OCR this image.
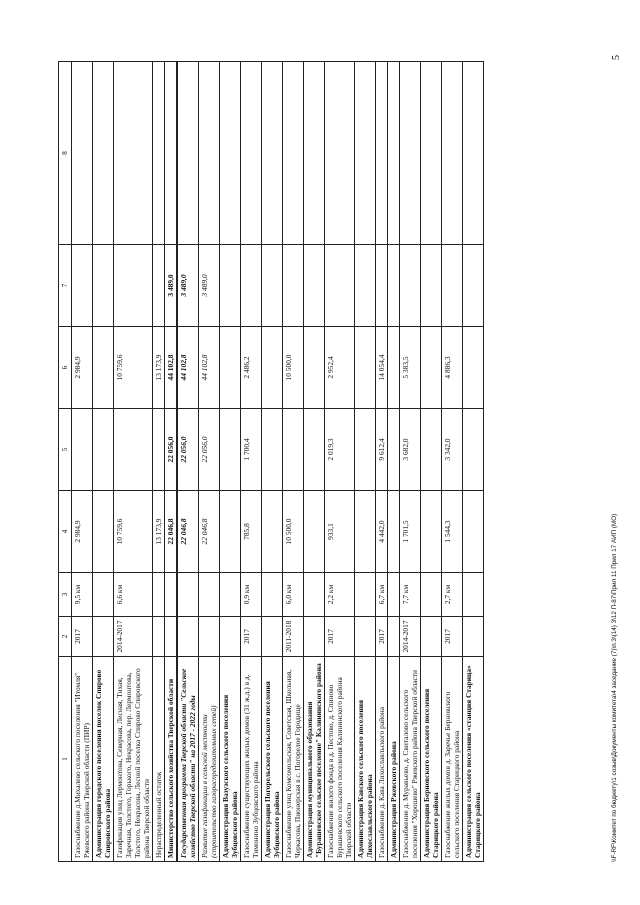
5
1	2	3	4	5	6	7	8
Газоснабжение д.Михалево сельского поселения "Итомля" Ржевского района Тверской области (ПИР)	2017	9,5 км	2 984,9		2 984,9		
Администрация городского поселения поселок Спирово Спировского района							
Газификация улиц Лермонтова, Северная, Лесная, Тихая, Заречная, Толстого, Горького, Некрасова, пер. Лермонтова, Толстого, Некрасова, Лесной поселка Спирово Спировского района Тверской области	2014-2017	6,6 км	10 759,6		10 759,6		
Нераспределенный остаток			13 173,9		13 173,9		
Министерство сельского хозяйства Тверской области			22 046,8	22 056,0	44 102,8	3 489,0	
Государственная программа Тверской области "Сельское хозяйство Тверской области" на 2017 - 2022 годы			22 046,8	22 056,0	44 102,8	3 489,0	
Развитие газификации в сельской местности (строительство газораспределительных сетей)			22 046,8	22 056,0	44 102,8	3 489,0	
Администрация Вазузского сельского поселения Зубцовского района							
Газоснабжение существующих жилых домов (31 ж.д.) в д. Тимонино Зубцовского района	2017	0,9 км	785,8	1 700,4	2 486,2		
Администрация Погорельского сельского поселения Зубцовского района							
Газоснабжение улиц Комсомольская, Советская, Школьная, Черкасова, Пионерская в с. Погорелое Городище	2011-2018	6,0 км	10 500,0		10 500,0		
Администрация муниципального образования "Бурашевское сельское поселение" Калининского района							
Газоснабжение жилого фонда в д. Пестово, д. Спиново Бурашевского сельского поселения Калининского района Тверской области	2017	2,2 км	933,1	2 019,3	2 952,4		
Администрация Кавского сельского поселения Лихославльского района							
Газоснабжение д. Кава Лихославльского района	2017	6,7 км	4 442,0	9 612,4	14 054,4		
Администрация Ржевского района							
Газоснабжение д. Муравьево, д. Свиталово сельского поселения "Хорошево" Ржевского района Тверской области	2014-2017	7,7 км	1 701,5	3 682,0	5 383,5		
Администрация Берновского сельского поселения Старицкого района							
Газоснабжение жилых домов д. Заречье Берновского сельского поселения Старицкого района	2017	2,7 км	1 544,3	3 342,0	4 886,3		
Администрация сельского поселения «станция Старица» Старицкого района								\\F-RF\Комитет по бюджету\1 созыв\Документы комитета\4 заседание (7)\п.3\(14) 3\12 П-87\Прил 11 Прил 17 АИП (МО)
